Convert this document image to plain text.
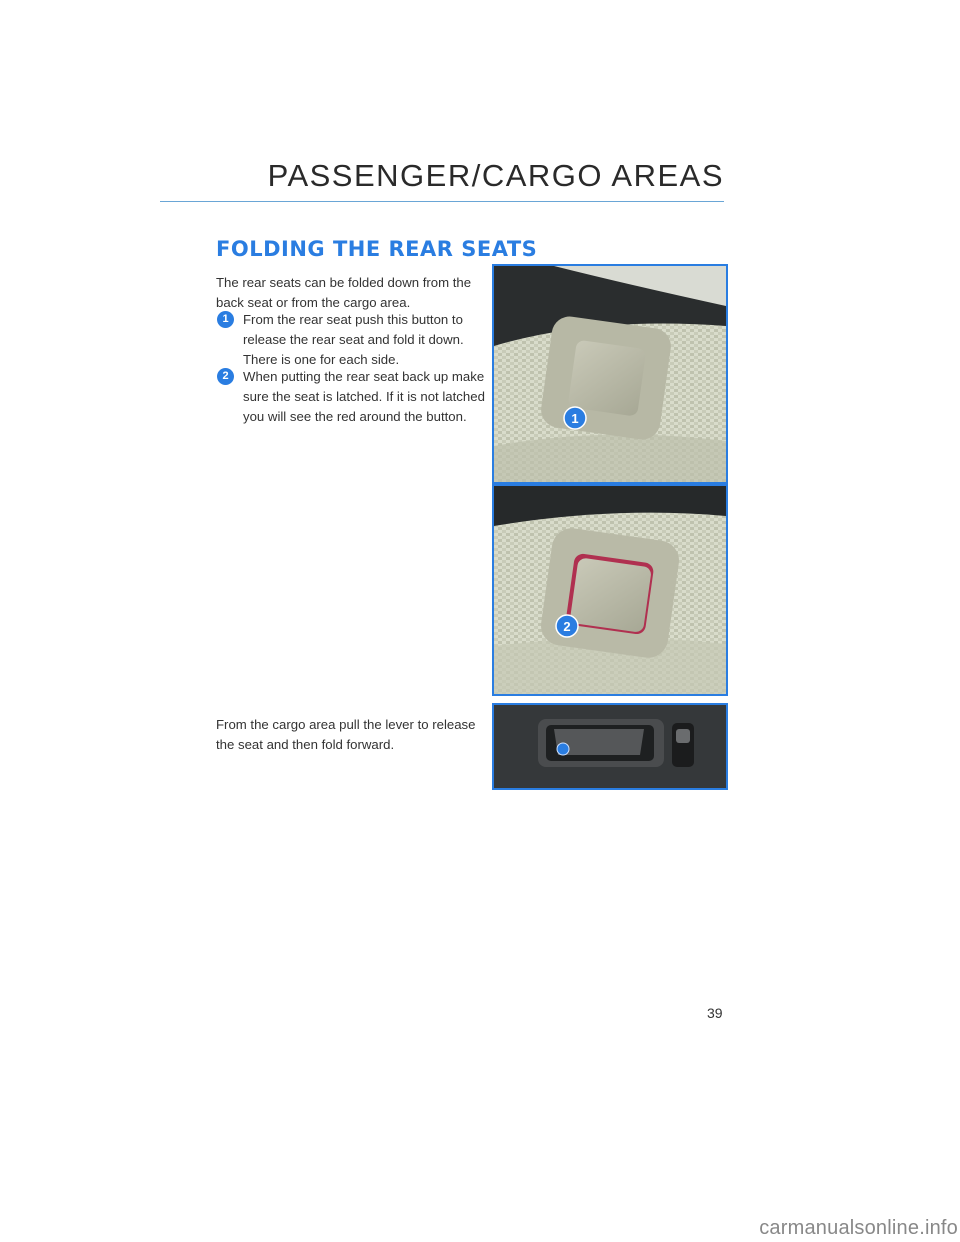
PASSENGER/CARGO AREAS
FOLDING THE REAR SEATS
The rear seats can be folded down from the back seat or from the cargo area.
1	From the rear seat push this button to release the rear seat and fold it down. There is one for each side.
2	When putting the rear seat back up make sure the seat is latched. If it is not latched you will see the red around the button.	1
2
From the cargo area pull the lever to release the seat and then fold forward.
39
carmanualsonline.info
